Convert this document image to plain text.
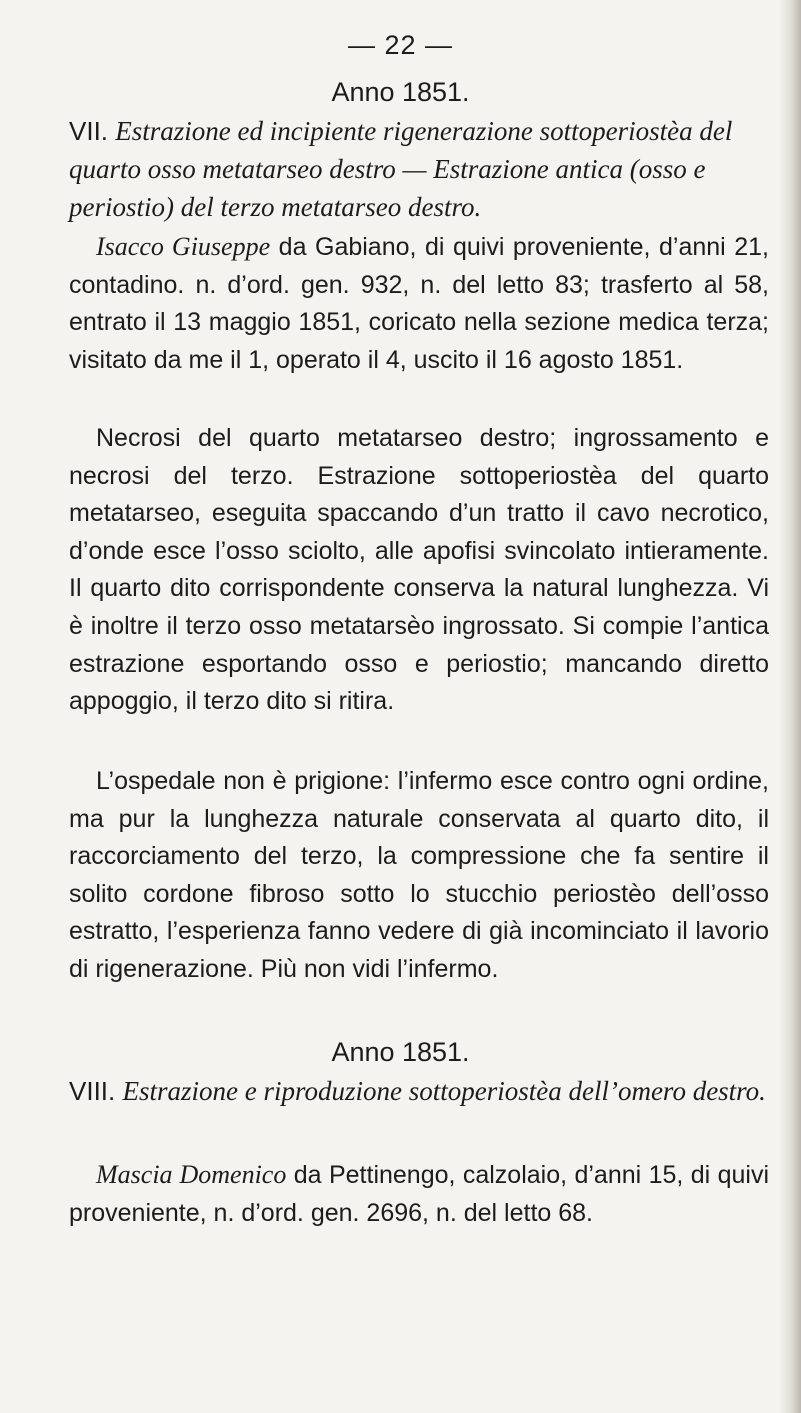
— 22 —
Anno 1851.
VII. Estrazione ed incipiente rigenerazione sottoperiostèa del quarto osso metatarseo destro — Estrazione antica (osso e periostio) del terzo metatarseo destro.
Isacco Giuseppe da Gabiano, di quivi proveniente, d’anni 21, contadino. n. d’ord. gen. 932, n. del letto 83; trasferto al 58, entrato il 13 maggio 1851, coricato nella sezione medica terza; visitato da me il 1, operato il 4, uscito il 16 agosto 1851.
Necrosi del quarto metatarseo destro; ingrossamento e necrosi del terzo. Estrazione sottoperiostèa del quarto metatarseo, eseguita spaccando d’un tratto il cavo necrotico, d’onde esce l’osso sciolto, alle apofisi svincolato intieramente. Il quarto dito corrispondente conserva la natural lunghezza. Vi è inoltre il terzo osso metatarsèo ingrossato. Si compie l’antica estrazione esportando osso e periostio; mancando diretto appoggio, il terzo dito si ritira.
L’ospedale non è prigione: l’infermo esce contro ogni ordine, ma pur la lunghezza naturale conservata al quarto dito, il raccorciamento del terzo, la compressione che fa sentire il solito cordone fibroso sotto lo stucchio periostèo dell’osso estratto, l’esperienza fanno vedere di già incominciato il lavorio di rigenerazione. Più non vidi l’infermo.
Anno 1851.
VIII. Estrazione e riproduzione sottoperiostèa dell’omero destro.
Mascia Domenico da Pettinengo, calzolaio, d’anni 15, di quivi proveniente, n. d’ord. gen. 2696, n. del letto 68.
